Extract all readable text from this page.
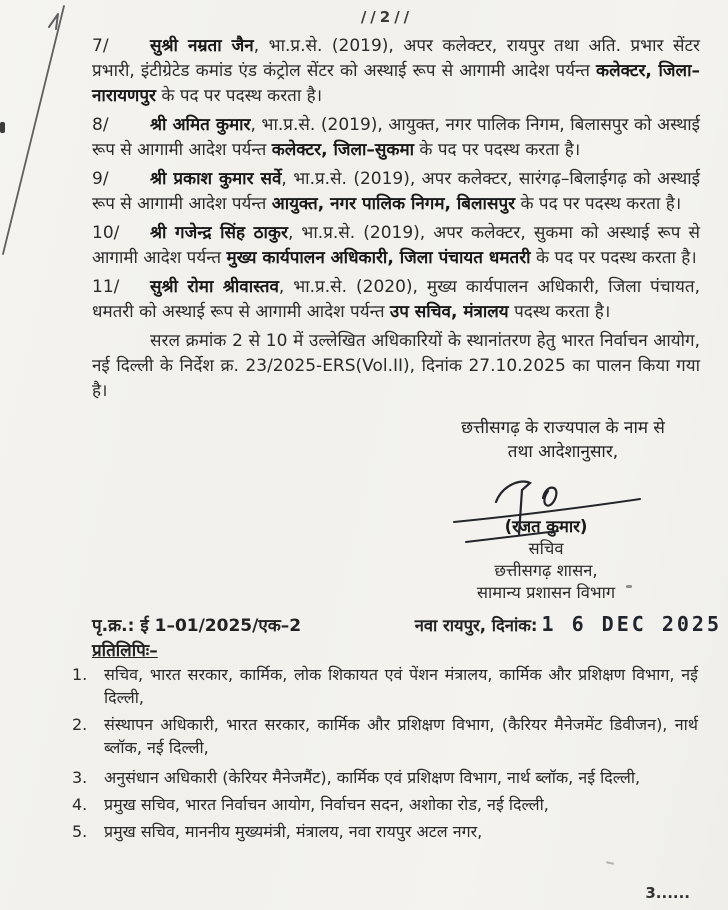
//2//

7/ सुश्री नम्रता जैन, भा.प्र.से. (2019), अपर कलेक्टर, रायपुर तथा अति. प्रभार सेंटर प्रभारी, इंटीग्रेटेड कमांड एंड कंट्रोल सेंटर को अस्थाई रूप से आगामी आदेश पर्यन्त कलेक्टर, जिला–नारायणपुर के पद पर पदस्थ करता है।

8/ श्री अमित कुमार, भा.प्र.से. (2019), आयुक्त, नगर पालिक निगम, बिलासपुर को अस्थाई रूप से आगामी आदेश पर्यन्त कलेक्टर, जिला–सुकमा के पद पर पदस्थ करता है।

9/ श्री प्रकाश कुमार सर्वे, भा.प्र.से. (2019), अपर कलेक्टर, सारंगढ़–बिलाईगढ़ को अस्थाई रूप से आगामी आदेश पर्यन्त आयुक्त, नगर पालिक निगम, बिलासपुर के पद पर पदस्थ करता है।

10/ श्री गजेन्द्र सिंह ठाकुर, भा.प्र.से. (2019), अपर कलेक्टर, सुकमा को अस्थाई रूप से आगामी आदेश पर्यन्त मुख्य कार्यपालन अधिकारी, जिला पंचायत धमतरी के पद पर पदस्थ करता है।

11/ सुश्री रोमा श्रीवास्तव, भा.प्र.से. (2020), मुख्य कार्यपालन अधिकारी, जिला पंचायत, धमतरी को अस्थाई रूप से आगामी आदेश पर्यन्त उप सचिव, मंत्रालय पदस्थ करता है।

सरल क्रमांक 2 से 10 में उल्लेखित अधिकारियों के स्थानांतरण हेतु भारत निर्वाचन आयोग, नई दिल्ली के निर्देश क्र. 23/2025-ERS(Vol.II), दिनांक 27.10.2025 का पालन किया गया है।

छत्तीसगढ़ के राज्यपाल के नाम से
तथा आदेशानुसार,
(रजत कुमार)
सचिव
छत्तीसगढ़ शासन,
सामान्य प्रशासन विभाग
पृ.क्र.: ई 1–01/2025/एक–2	नवा रायपुर, दिनांक: 1 6 DEC 2025
प्रतिलिपिः–
1.	सचिव, भारत सरकार, कार्मिक, लोक शिकायत एवं पेंशन मंत्रालय, कार्मिक और प्रशिक्षण विभाग, नई दिल्ली,
2.	संस्थापन अधिकारी, भारत सरकार, कार्मिक और प्रशिक्षण विभाग, (कैरियर मैनेजमेंट डिवीजन), नार्थ ब्लॉक, नई दिल्ली,
3.	अनुसंधान अधिकारी (केरियर मैनेजमैंट), कार्मिक एवं प्रशिक्षण विभाग, नार्थ ब्लॉक, नई दिल्ली,
4.	प्रमुख सचिव, भारत निर्वाचन आयोग, निर्वाचन सदन, अशोका रोड, नई दिल्ली,
5.	प्रमुख सचिव, माननीय मुख्यमंत्री, मंत्रालय, नवा रायपुर अटल नगर,
3......
